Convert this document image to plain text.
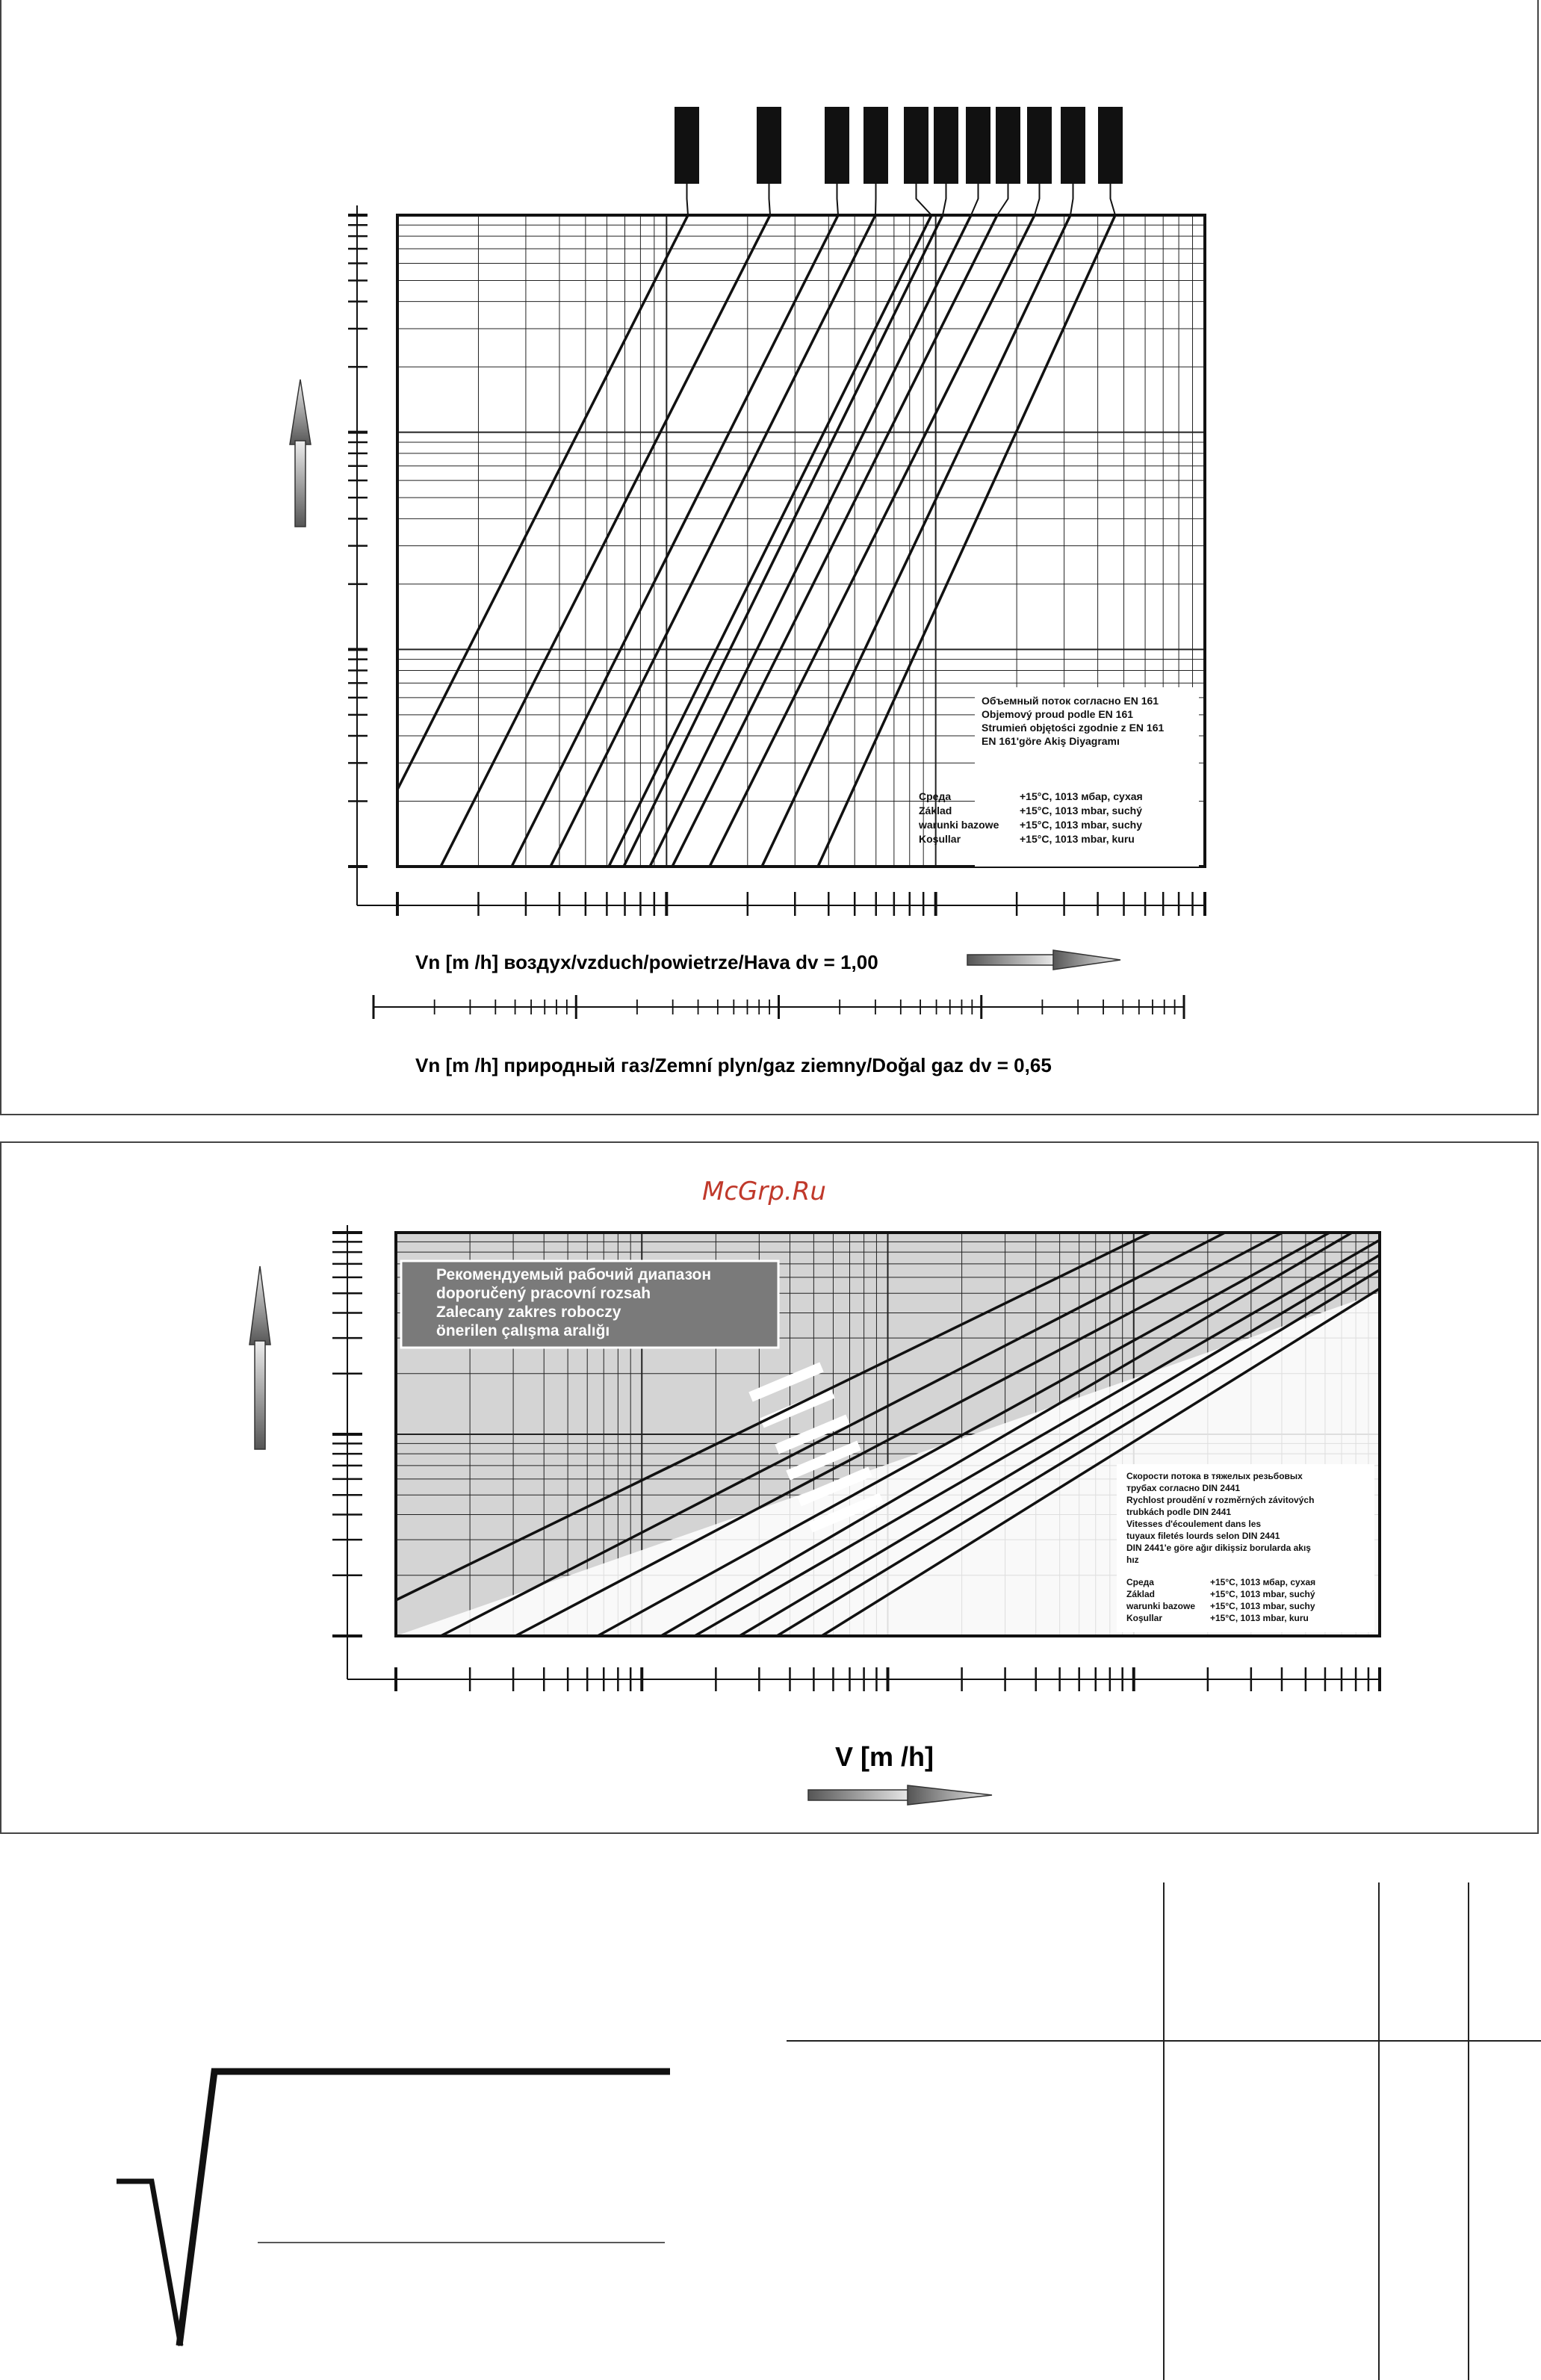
Объемный поток согласно EN 161
Objemový proud podle EN 161
Strumień objętości zgodnie z EN 161
EN 161'göre Akiş Diyagramı
Среда	+15°C, 1013 мбар, сухая
Základ	+15°C, 1013 mbar, suchý
warunki bazowe +15°C, 1013 mbar, suchy
Koşullar	+15°C, 1013 mbar, kuru
Vn [m /h] воздух/vzduch/powietrze/Hava dv = 1,00
Vn [m /h] природный газ/Zemní plyn/gaz ziemny/Doğal gaz dv = 0,65
McGrp.Ru
Рекомендуемый рабочий диапазон
doporučený pracovní rozsah
Zalecany zakres roboczy
önerilen çalışma aralığı
Скорости потока в тяжелых резьбовых
трубах согласно DIN 2441
Rychlost proudění v rozměrných závitových
trubkách podle DIN 2441
Vitesses d'écoulement dans les
tuyaux filetés lourds selon DIN 2441
DIN 2441'e göre ağır dikişsiz borularda akış
hız
Среда	+15°C, 1013 мбар, сухая
Základ	+15°C, 1013 mbar, suchý
warunki bazowe +15°C, 1013 mbar, suchy
Koşullar	+15°C, 1013 mbar, kuru
V [m /h]
